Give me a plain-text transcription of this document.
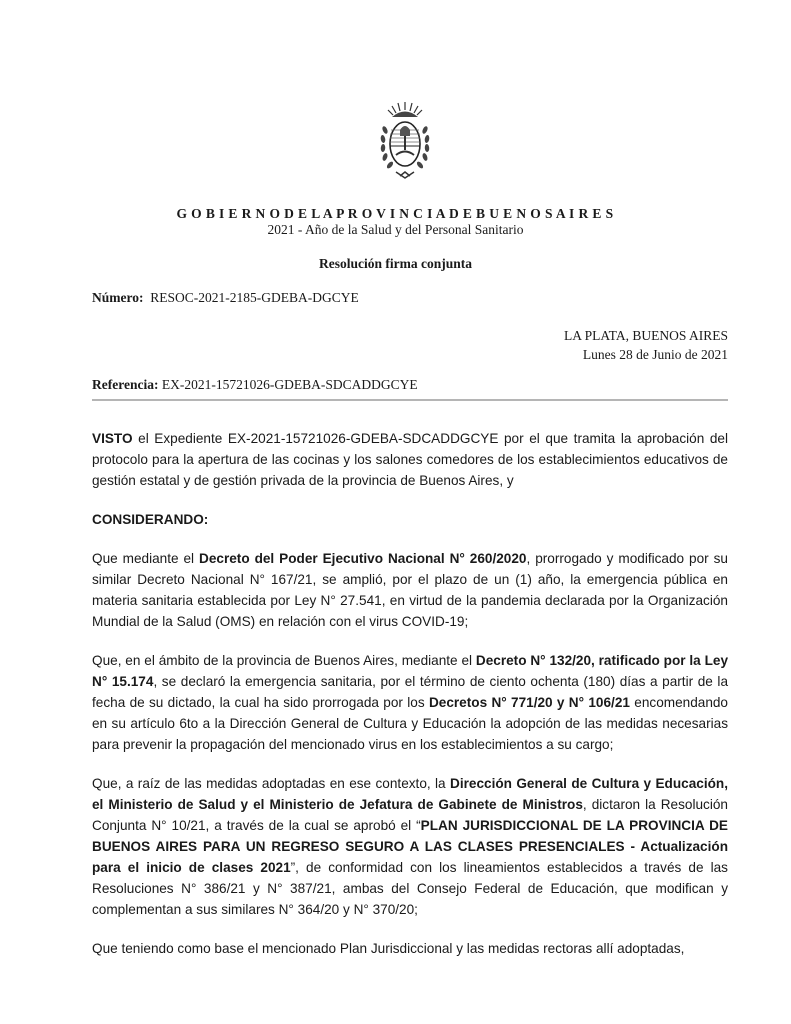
G O B I E R N O D E L A P R O V I N C I A D E B U E N O S A I R E S
2021 - Año de la Salud y del Personal Sanitario
Resolución firma conjunta
Número: RESOC-2021-2185-GDEBA-DGCYE
LA PLATA, BUENOS AIRES
Lunes 28 de Junio de 2021
Referencia: EX-2021-15721026-GDEBA-SDCADDGCYE

VISTO el Expediente EX-2021-15721026-GDEBA-SDCADDGCYE por el que tramita la aprobación del protocolo para la apertura de las cocinas y los salones comedores de los establecimientos educativos de gestión estatal y de gestión privada de la provincia de Buenos Aires, y

CONSIDERANDO:

Que mediante el Decreto del Poder Ejecutivo Nacional N° 260/2020, prorrogado y modificado por su similar Decreto Nacional N° 167/21, se amplió, por el plazo de un (1) año, la emergencia pública en materia sanitaria establecida por Ley N° 27.541, en virtud de la pandemia declarada por la Organización Mundial de la Salud (OMS) en relación con el virus COVID-19;

Que, en el ámbito de la provincia de Buenos Aires, mediante el Decreto N° 132/20, ratificado por la Ley N° 15.174, se declaró la emergencia sanitaria, por el término de ciento ochenta (180) días a partir de la fecha de su dictado, la cual ha sido prorrogada por los Decretos N° 771/20 y N° 106/21 encomendando en su artículo 6to a la Dirección General de Cultura y Educación la adopción de las medidas necesarias para prevenir la propagación del mencionado virus en los establecimientos a su cargo;

Que, a raíz de las medidas adoptadas en ese contexto, la Dirección General de Cultura y Educación, el Ministerio de Salud y el Ministerio de Jefatura de Gabinete de Ministros, dictaron la Resolución Conjunta N° 10/21, a través de la cual se aprobó el “PLAN JURISDICCIONAL DE LA PROVINCIA DE BUENOS AIRES PARA UN REGRESO SEGURO A LAS CLASES PRESENCIALES - Actualización para el inicio de clases 2021”, de conformidad con los lineamientos establecidos a través de las Resoluciones N° 386/21 y N° 387/21, ambas del Consejo Federal de Educación, que modifican y complementan a sus similares N° 364/20 y N° 370/20;

Que teniendo como base el mencionado Plan Jurisdiccional y las medidas rectoras allí adoptadas,
